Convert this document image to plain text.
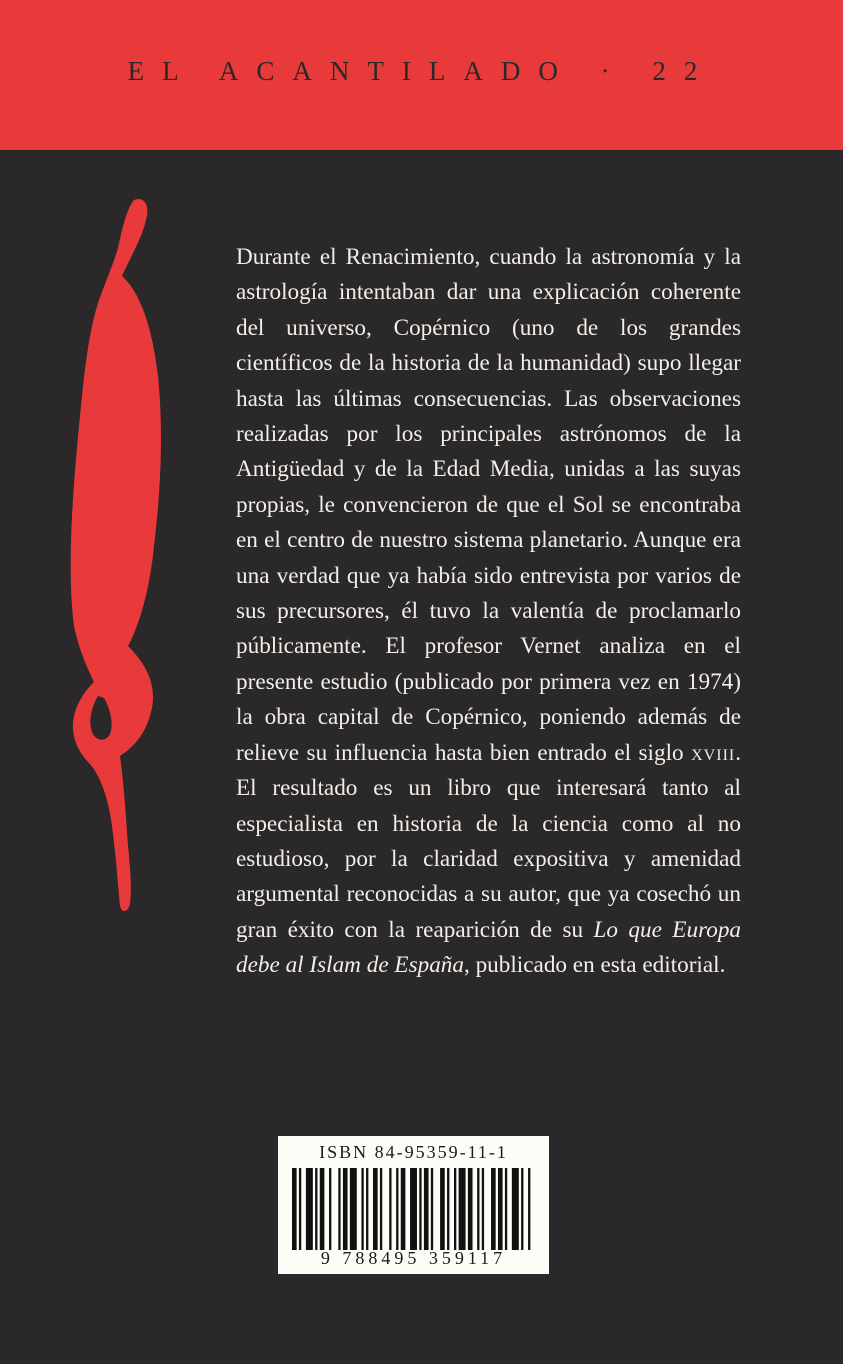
EL ACANTILADO · 22
Durante el Renacimiento, cuando la astronomía y la astrología intentaban dar una explicación coherente del universo, Copérnico (uno de los grandes científicos de la historia de la humanidad) supo llegar hasta las últimas consecuencias. Las observaciones realizadas por los principales astrónomos de la Antigüedad y de la Edad Media, unidas a las suyas propias, le convencieron de que el Sol se encontraba en el centro de nuestro sistema planetario. Aunque era una verdad que ya había sido entrevista por varios de sus precursores, él tuvo la valentía de proclamarlo públicamente. El profesor Vernet analiza en el presente estudio (publicado por primera vez en 1974) la obra capital de Copérnico, poniendo además de relieve su influencia hasta bien entrado el siglo xviii. El resultado es un libro que interesará tanto al especialista en historia de la ciencia como al no estudioso, por la claridad expositiva y amenidad argumental reconocidas a su autor, que ya cosechó un gran éxito con la reaparición de su Lo que Europa debe al Islam de España, publicado en esta editorial.
ISBN 84-95359-11-1
9 788495 359117
